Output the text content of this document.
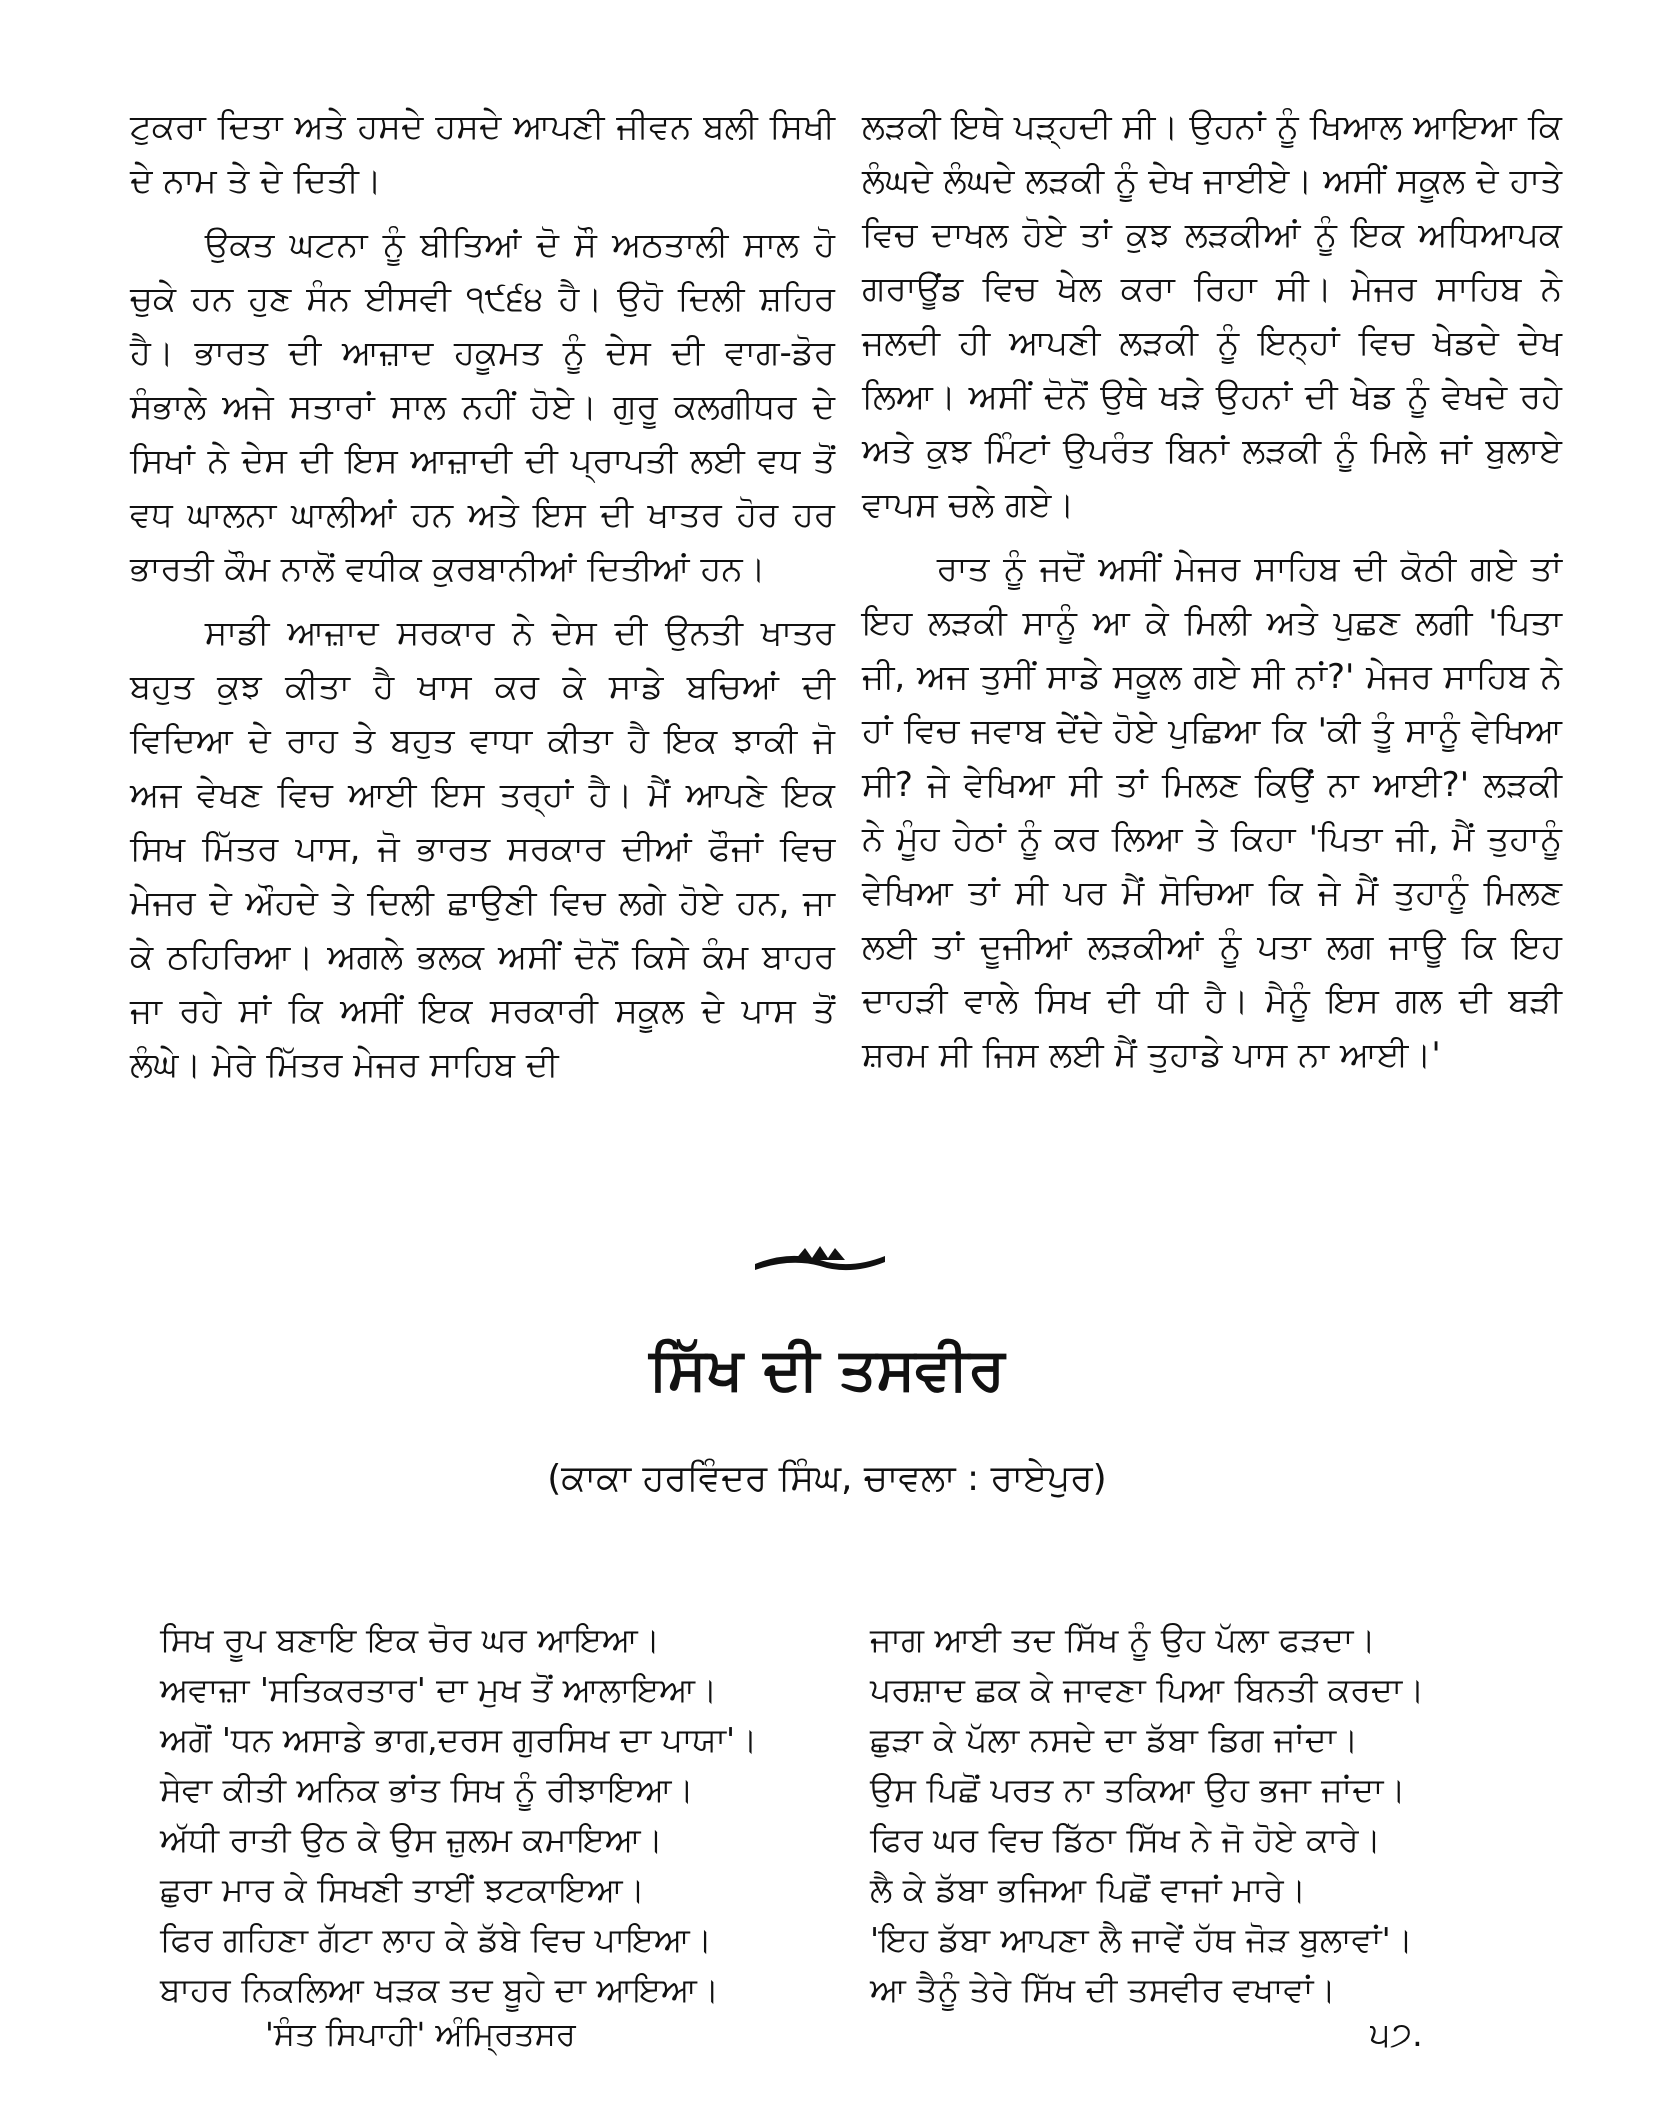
ਟੁਕਰਾ ਦਿਤਾ ਅਤੇ ਹਸਦੇ ਹਸਦੇ ਆਪਣੀ ਜੀਵਨ ਬਲੀ ਸਿਖੀ ਦੇ ਨਾਮ ਤੇ ਦੇ ਦਿਤੀ।

ਉਕਤ ਘਟਨਾ ਨੂੰ ਬੀਤਿਆਂ ਦੋ ਸੌ ਅਠਤਾਲੀ ਸਾਲ ਹੋ ਚੁਕੇ ਹਨ ਹੁਣ ਸੰਨ ਈਸਵੀ ੧੯੬੪ ਹੈ। ਉਹੋ ਦਿਲੀ ਸ਼ਹਿਰ ਹੈ। ਭਾਰਤ ਦੀ ਆਜ਼ਾਦ ਹਕੂਮਤ ਨੂੰ ਦੇਸ ਦੀ ਵਾਗ-ਡੋਰ ਸੰਭਾਲੇ ਅਜੇ ਸਤਾਰਾਂ ਸਾਲ ਨਹੀਂ ਹੋਏ। ਗੁਰੂ ਕਲਗੀਧਰ ਦੇ ਸਿਖਾਂ ਨੇ ਦੇਸ ਦੀ ਇਸ ਆਜ਼ਾਦੀ ਦੀ ਪ੍ਰਾਪਤੀ ਲਈ ਵਧ ਤੋਂ ਵਧ ਘਾਲਨਾ ਘਾਲੀਆਂ ਹਨ ਅਤੇ ਇਸ ਦੀ ਖਾਤਰ ਹੋਰ ਹਰ ਭਾਰਤੀ ਕੌਮ ਨਾਲੋਂ ਵਧੀਕ ਕੁਰਬਾਨੀਆਂ ਦਿਤੀਆਂ ਹਨ।

ਸਾਡੀ ਆਜ਼ਾਦ ਸਰਕਾਰ ਨੇ ਦੇਸ ਦੀ ਉਨਤੀ ਖਾਤਰ ਬਹੁਤ ਕੁਝ ਕੀਤਾ ਹੈ ਖਾਸ ਕਰ ਕੇ ਸਾਡੇ ਬਚਿਆਂ ਦੀ ਵਿਦਿਆ ਦੇ ਰਾਹ ਤੇ ਬਹੁਤ ਵਾਧਾ ਕੀਤਾ ਹੈ ਇਕ ਝਾਕੀ ਜੋ ਅਜ ਵੇਖਣ ਵਿਚ ਆਈ ਇਸ ਤਰ੍ਹਾਂ ਹੈ। ਮੈਂ ਆਪਣੇ ਇਕ ਸਿਖ ਮਿੱਤਰ ਪਾਸ, ਜੋ ਭਾਰਤ ਸਰਕਾਰ ਦੀਆਂ ਫੌਜਾਂ ਵਿਚ ਮੇਜਰ ਦੇ ਔਹਦੇ ਤੇ ਦਿਲੀ ਛਾਉਣੀ ਵਿਚ ਲਗੇ ਹੋਏ ਹਨ, ਜਾ ਕੇ ਠਹਿਰਿਆ। ਅਗਲੇ ਭਲਕ ਅਸੀਂ ਦੋਨੋਂ ਕਿਸੇ ਕੰਮ ਬਾਹਰ ਜਾ ਰਹੇ ਸਾਂ ਕਿ ਅਸੀਂ ਇਕ ਸਰਕਾਰੀ ਸਕੂਲ ਦੇ ਪਾਸ ਤੋਂ ਲੰਘੇ। ਮੇਰੇ ਮਿੱਤਰ ਮੇਜਰ ਸਾਹਿਬ ਦੀ

ਲੜਕੀ ਇਥੇ ਪੜ੍ਹਦੀ ਸੀ। ਉਹਨਾਂ ਨੂੰ ਖਿਆਲ ਆਇਆ ਕਿ ਲੰਘਦੇ ਲੰਘਦੇ ਲੜਕੀ ਨੂੰ ਦੇਖ ਜਾਈਏ। ਅਸੀਂ ਸਕੂਲ ਦੇ ਹਾਤੇ ਵਿਚ ਦਾਖਲ ਹੋਏ ਤਾਂ ਕੁਝ ਲੜਕੀਆਂ ਨੂੰ ਇਕ ਅਧਿਆਪਕ ਗਰਾਊਂਡ ਵਿਚ ਖੇਲ ਕਰਾ ਰਿਹਾ ਸੀ। ਮੇਜਰ ਸਾਹਿਬ ਨੇ ਜਲਦੀ ਹੀ ਆਪਣੀ ਲੜਕੀ ਨੂੰ ਇਨ੍ਹਾਂ ਵਿਚ ਖੇਡਦੇ ਦੇਖ ਲਿਆ। ਅਸੀਂ ਦੋਨੋਂ ਉਥੇ ਖੜੇ ਉਹਨਾਂ ਦੀ ਖੇਡ ਨੂੰ ਵੇਖਦੇ ਰਹੇ ਅਤੇ ਕੁਝ ਮਿੰਟਾਂ ਉਪਰੰਤ ਬਿਨਾਂ ਲੜਕੀ ਨੂੰ ਮਿਲੇ ਜਾਂ ਬੁਲਾਏ ਵਾਪਸ ਚਲੇ ਗਏ।

ਰਾਤ ਨੂੰ ਜਦੋਂ ਅਸੀਂ ਮੇਜਰ ਸਾਹਿਬ ਦੀ ਕੋਠੀ ਗਏ ਤਾਂ ਇਹ ਲੜਕੀ ਸਾਨੂੰ ਆ ਕੇ ਮਿਲੀ ਅਤੇ ਪੁਛਣ ਲਗੀ 'ਪਿਤਾ ਜੀ, ਅਜ ਤੁਸੀਂ ਸਾਡੇ ਸਕੂਲ ਗਏ ਸੀ ਨਾਂ?' ਮੇਜਰ ਸਾਹਿਬ ਨੇ ਹਾਂ ਵਿਚ ਜਵਾਬ ਦੇਂਦੇ ਹੋਏ ਪੁਛਿਆ ਕਿ 'ਕੀ ਤੂੰ ਸਾਨੂੰ ਵੇਖਿਆ ਸੀ? ਜੇ ਵੇਖਿਆ ਸੀ ਤਾਂ ਮਿਲਣ ਕਿਉਂ ਨਾ ਆਈ?' ਲੜਕੀ ਨੇ ਮੂੰਹ ਹੇਠਾਂ ਨੂੰ ਕਰ ਲਿਆ ਤੇ ਕਿਹਾ 'ਪਿਤਾ ਜੀ, ਮੈਂ ਤੁਹਾਨੂੰ ਵੇਖਿਆ ਤਾਂ ਸੀ ਪਰ ਮੈਂ ਸੋਚਿਆ ਕਿ ਜੇ ਮੈਂ ਤੁਹਾਨੂੰ ਮਿਲਣ ਲਈ ਤਾਂ ਦੂਜੀਆਂ ਲੜਕੀਆਂ ਨੂੰ ਪਤਾ ਲਗ ਜਾਊ ਕਿ ਇਹ ਦਾਹੜੀ ਵਾਲੇ ਸਿਖ ਦੀ ਧੀ ਹੈ। ਮੈਨੂੰ ਇਸ ਗਲ ਦੀ ਬੜੀ ਸ਼ਰਮ ਸੀ ਜਿਸ ਲਈ ਮੈਂ ਤੁਹਾਡੇ ਪਾਸ ਨਾ ਆਈ।'

ਸਿੱਖ ਦੀ ਤਸਵੀਰ
(ਕਾਕਾ ਹਰਵਿੰਦਰ ਸਿੰਘ, ਚਾਵਲਾ : ਰਾਏਪੁਰ)
ਸਿਖ ਰੂਪ ਬਣਾਇ ਇਕ ਚੋਰ ਘਰ ਆਇਆ।
ਅਵਾਜ਼ਾ 'ਸਤਿਕਰਤਾਰ' ਦਾ ਮੁਖ ਤੋਂ ਆਲਾਇਆ।
ਅਗੋਂ 'ਧਨ ਅਸਾਡੇ ਭਾਗ,ਦਰਸ ਗੁਰਸਿਖ ਦਾ ਪਾਯਾ'।
ਸੇਵਾ ਕੀਤੀ ਅਨਿਕ ਭਾਂਤ ਸਿਖ ਨੂੰ ਰੀਝਾਇਆ।
ਅੱਧੀ ਰਾਤੀ ਉਠ ਕੇ ਉਸ ਜ਼ੁਲਮ ਕਮਾਇਆ।
ਛੁਰਾ ਮਾਰ ਕੇ ਸਿਖਣੀ ਤਾਈਂ ਝਟਕਾਇਆ।
ਫਿਰ ਗਹਿਣਾ ਗੱਟਾ ਲਾਹ ਕੇ ਡੱਬੇ ਵਿਚ ਪਾਇਆ।
ਬਾਹਰ ਨਿਕਲਿਆ ਖੜਕ ਤਦ ਬੂਹੇ ਦਾ ਆਇਆ।
ਜਾਗ ਆਈ ਤਦ ਸਿੱਖ ਨੂੰ ਉਹ ਪੱਲਾ ਫੜਦਾ।
ਪਰਸ਼ਾਦ ਛਕ ਕੇ ਜਾਵਣਾ ਪਿਆ ਬਿਨਤੀ ਕਰਦਾ।
ਛੁੜਾ ਕੇ ਪੱਲਾ ਨਸਦੇ ਦਾ ਡੱਬਾ ਡਿਗ ਜਾਂਦਾ।
ਉਸ ਪਿਛੋਂ ਪਰਤ ਨਾ ਤਕਿਆ ਉਹ ਭਜਾ ਜਾਂਦਾ।
ਫਿਰ ਘਰ ਵਿਚ ਡਿੱਠਾ ਸਿੱਖ ਨੇ ਜੋ ਹੋਏ ਕਾਰੇ।
ਲੈ ਕੇ ਡੱਬਾ ਭਜਿਆ ਪਿਛੋਂ ਵਾਜਾਂ ਮਾਰੇ।
'ਇਹ ਡੱਬਾ ਆਪਣਾ ਲੈ ਜਾਵੇਂ ਹੱਥ ਜੋੜ ਬੁਲਾਵਾਂ'।
ਆ ਤੈਨੂੰ ਤੇਰੇ ਸਿੱਖ ਦੀ ਤਸਵੀਰ ਵਖਾਵਾਂ।
'ਸੰਤ ਸਿਪਾਹੀ' ਅੰਮ੍ਰਿਤਸਰ	੫੭.
